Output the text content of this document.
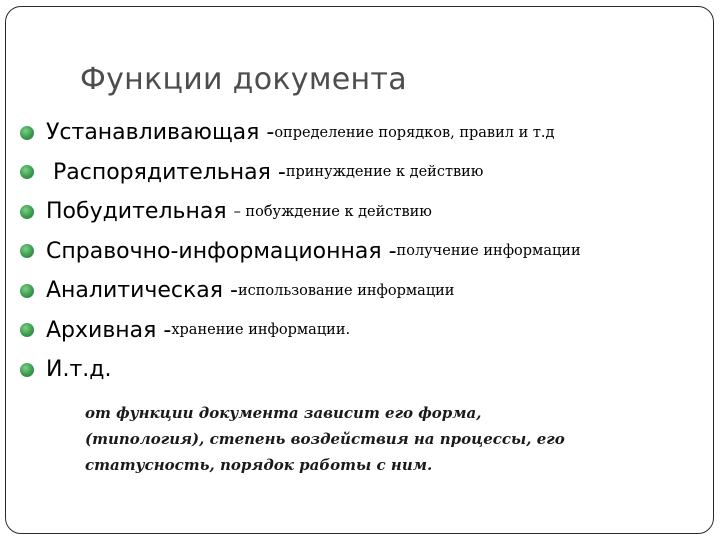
Функции документа
Устанавливающая - определение порядков, правил и т.д
Распорядительная - принуждение к действию
Побудительная – побуждение к действию
Справочно-информационная - получение информации
Аналитическая - использование информации
Архивная - хранение информации.
И.т.д.
от функции документа зависит его форма,
(типология), степень воздействия на процессы, его
статусность, порядок работы с ним.
